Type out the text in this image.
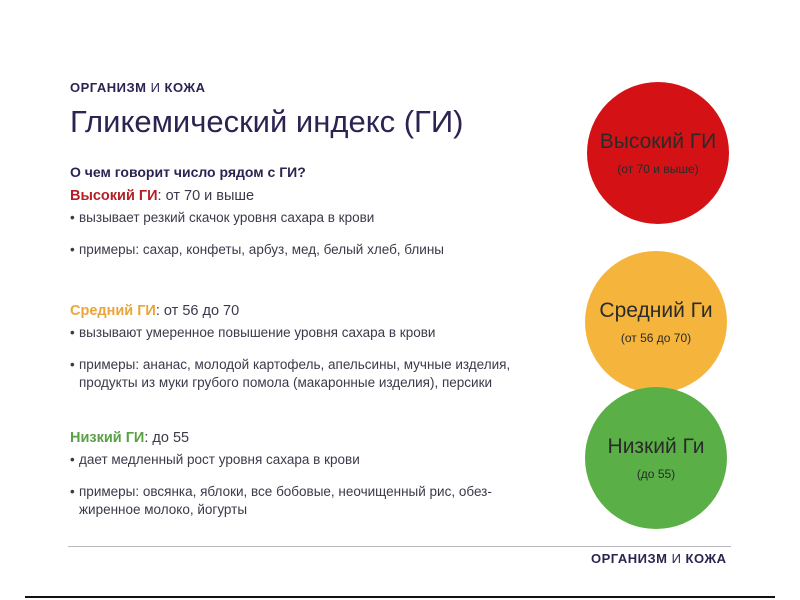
ОРГАНИЗМ И КОЖА
Гликемический индекс (ГИ)
О чем говорит число рядом с ГИ?
Высокий ГИ: от 70 и выше
• вызывает резкий скачок уровня сахара в крови
• примеры: сахар, конфеты, арбуз, мед, белый хлеб, блины
Средний ГИ: от 56 до 70
• вызывают умеренное повышение уровня сахара в крови
• примеры: ананас, молодой картофель, апельсины, мучные изделия, продукты из муки грубого помола (макаронные изделия), персики
Низкий ГИ: до 55
• дает медленный рост уровня сахара в крови
• примеры: овсянка, яблоки, все бобовые, неочищенный рис, обез-жиренное молоко, йогурты
Высокий ГИ
(от 70 и выше)
Средний Ги
(от 56 до 70)
Низкий Ги
(до 55)
ОРГАНИЗМ И КОЖА
